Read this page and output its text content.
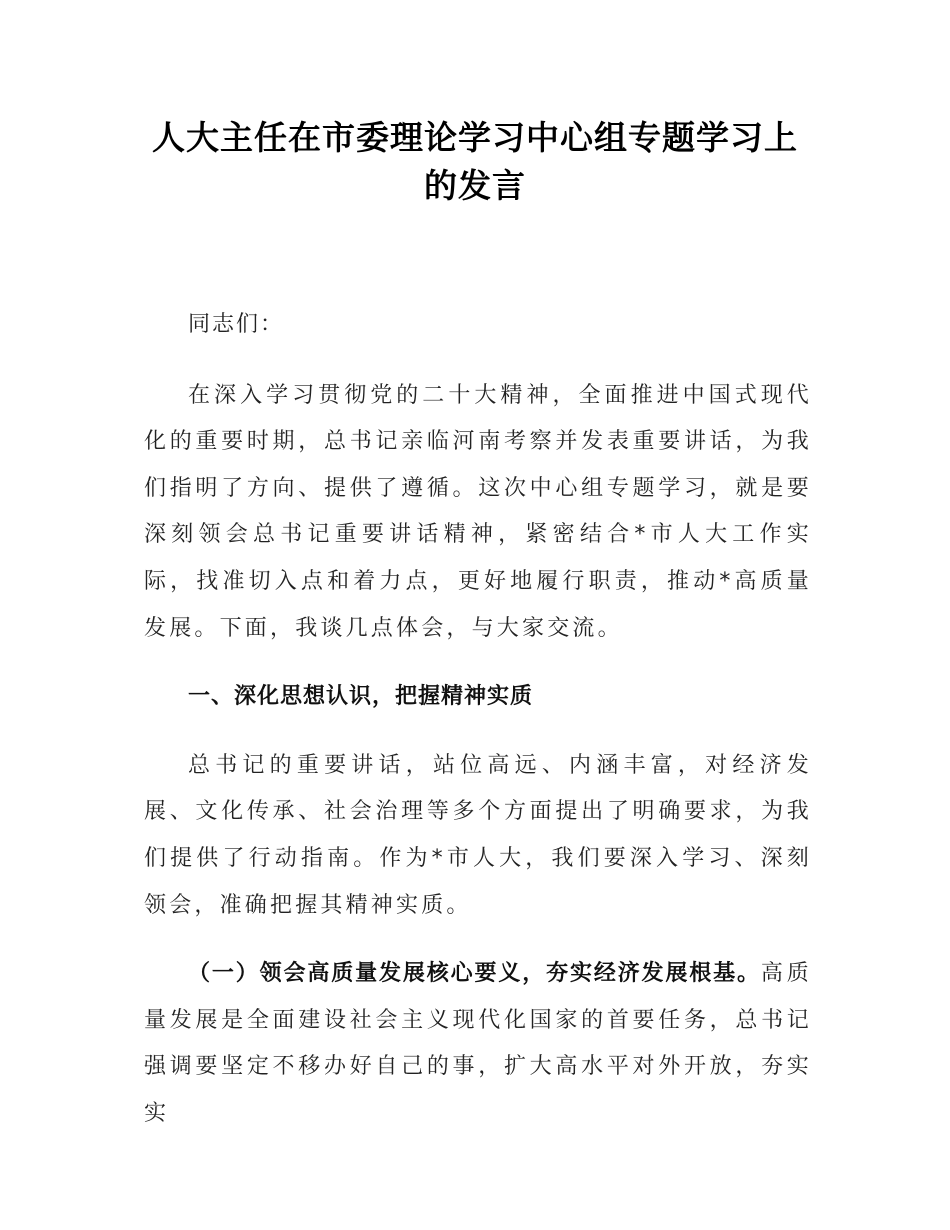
人大主任在市委理论学习中心组专题学习上
的发言

同志们：

在深入学习贯彻党的二十大精神，全面推进中国式现代化的重要时期，总书记亲临河南考察并发表重要讲话，为我们指明了方向、提供了遵循。这次中心组专题学习，就是要深刻领会总书记重要讲话精神，紧密结合*市人大工作实际，找准切入点和着力点，更好地履行职责，推动*高质量发展。下面，我谈几点体会，与大家交流。

一、深化思想认识，把握精神实质

总书记的重要讲话，站位高远、内涵丰富，对经济发展、文化传承、社会治理等多个方面提出了明确要求，为我们提供了行动指南。作为*市人大，我们要深入学习、深刻领会，准确把握其精神实质。

（一）领会高质量发展核心要义，夯实经济发展根基。高质量发展是全面建设社会主义现代化国家的首要任务，总书记强调要坚定不移办好自己的事，扩大高水平对外开放，夯实实
